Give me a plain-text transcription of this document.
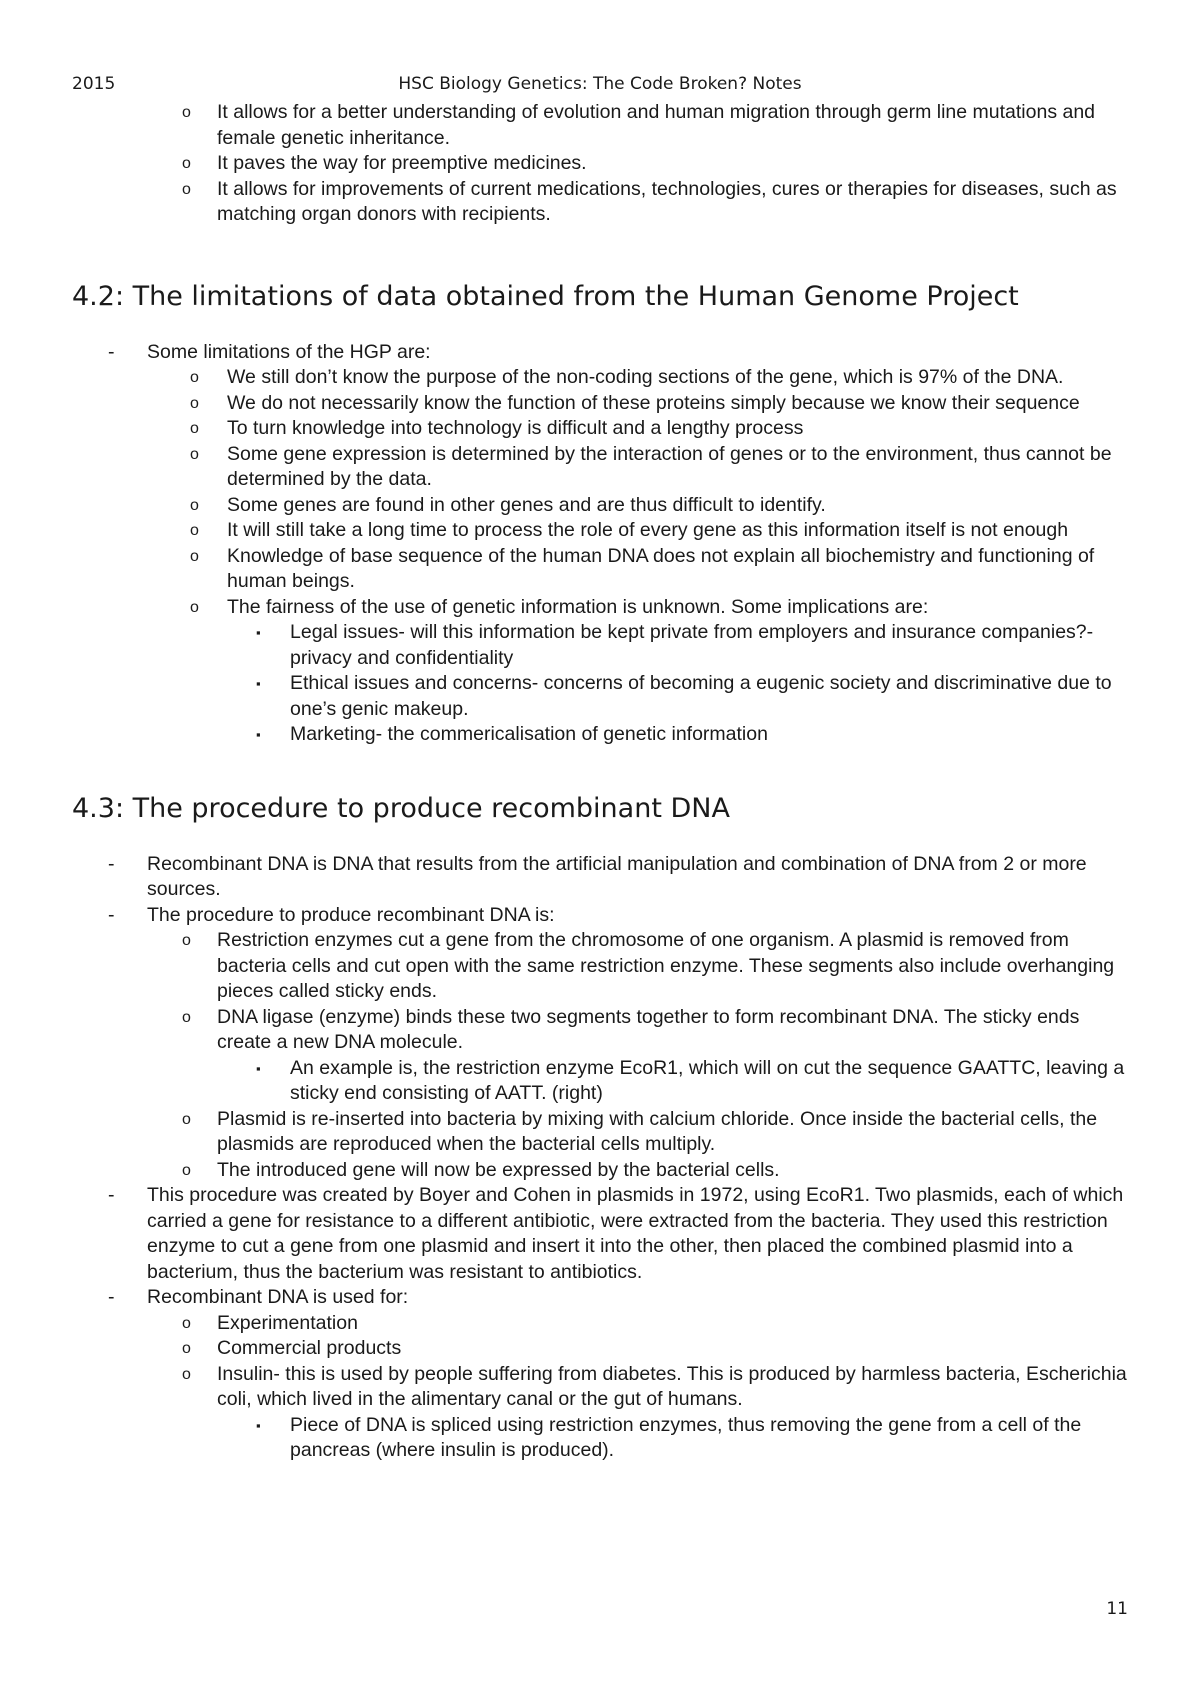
2015	HSC Biology Genetics: The Code Broken? Notes
o It allows for a better understanding of evolution and human migration through germ line mutations and female genetic inheritance.
o It paves the way for preemptive medicines.
o It allows for improvements of current medications, technologies, cures or therapies for diseases, such as matching organ donors with recipients.
4.2: The limitations of data obtained from the Human Genome Project
- Some limitations of the HGP are:
o We still don’t know the purpose of the non-coding sections of the gene, which is 97% of the DNA.
o We do not necessarily know the function of these proteins simply because we know their sequence
o To turn knowledge into technology is difficult and a lengthy process
o Some gene expression is determined by the interaction of genes or to the environment, thus cannot be determined by the data.
o Some genes are found in other genes and are thus difficult to identify.
o It will still take a long time to process the role of every gene as this information itself is not enough
o Knowledge of base sequence of the human DNA does not explain all biochemistry and functioning of human beings.
o The fairness of the use of genetic information is unknown. Some implications are:
▪ Legal issues- will this information be kept private from employers and insurance companies?- privacy and confidentiality
▪ Ethical issues and concerns- concerns of becoming a eugenic society and discriminative due to one’s genic makeup.
▪ Marketing- the commericalisation of genetic information
4.3: The procedure to produce recombinant DNA
- Recombinant DNA is DNA that results from the artificial manipulation and combination of DNA from 2 or more sources.
- The procedure to produce recombinant DNA is:
o Restriction enzymes cut a gene from the chromosome of one organism. A plasmid is removed from bacteria cells and cut open with the same restriction enzyme. These segments also include overhanging pieces called sticky ends.
o DNA ligase (enzyme) binds these two segments together to form recombinant DNA. The sticky ends create a new DNA molecule.
▪ An example is, the restriction enzyme EcoR1, which will on cut the sequence GAATTC, leaving a sticky end consisting of AATT. (right)
o Plasmid is re-inserted into bacteria by mixing with calcium chloride. Once inside the bacterial cells, the plasmids are reproduced when the bacterial cells multiply.
o The introduced gene will now be expressed by the bacterial cells.
- This procedure was created by Boyer and Cohen in plasmids in 1972, using EcoR1. Two plasmids, each of which carried a gene for resistance to a different antibiotic, were extracted from the bacteria. They used this restriction enzyme to cut a gene from one plasmid and insert it into the other, then placed the combined plasmid into a bacterium, thus the bacterium was resistant to antibiotics.
- Recombinant DNA is used for:
o Experimentation
o Commercial products
o Insulin- this is used by people suffering from diabetes. This is produced by harmless bacteria, Escherichia coli, which lived in the alimentary canal or the gut of humans.
▪ Piece of DNA is spliced using restriction enzymes, thus removing the gene from a cell of the pancreas (where insulin is produced).
11
